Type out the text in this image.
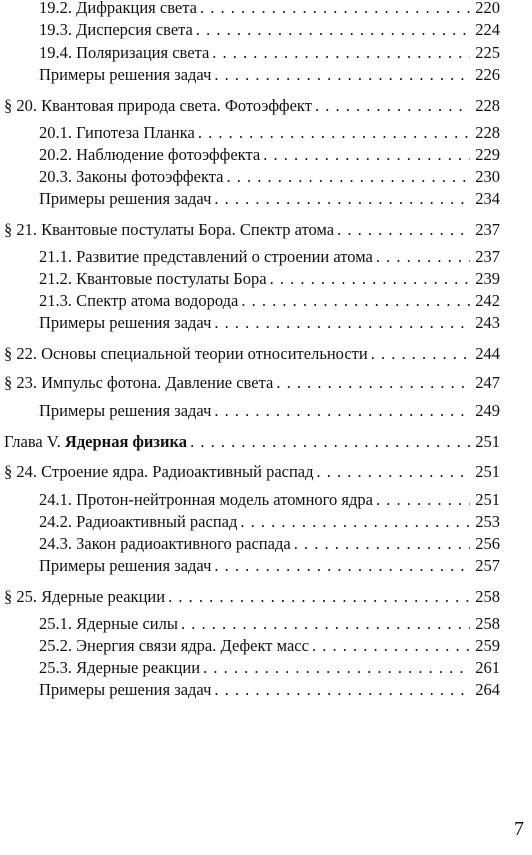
19.2. Дифракция света . . .	220
19.3. Дисперсия света . . .	224
19.4. Поляризация света . . .	225
Примеры решения задач . . .	226
§ 20. Квантовая природа света. Фотоэффект . . .	228
20.1. Гипотеза Планка . . .	228
20.2. Наблюдение фотоэффекта . . .	229
20.3. Законы фотоэффекта . . .	230
Примеры решения задач . . .	234
§ 21. Квантовые постулаты Бора. Спектр атома . . .	237
21.1. Развитие представлений о строении атома . . .	237
21.2. Квантовые постулаты Бора . . .	239
21.3. Спектр атома водорода . . .	242
Примеры решения задач . . .	243
§ 22. Основы специальной теории относительности . . .	244
§ 23. Импульс фотона. Давление света . . .	247
Примеры решения задач . . .	249
Глава V. Ядерная физика . . .	251
§ 24. Строение ядра. Радиоактивный распад . . .	251
24.1. Протон-нейтронная модель атомного ядра . . .	251
24.2. Радиоактивный распад . . .	253
24.3. Закон радиоактивного распада . . .	256
Примеры решения задач . . .	257
§ 25. Ядерные реакции . . .	258
25.1. Ядерные силы . . .	258
25.2. Энергия связи ядра. Дефект масс . . .	259
25.3. Ядерные реакции . . .	261
Примеры решения задач . . .	264
7
